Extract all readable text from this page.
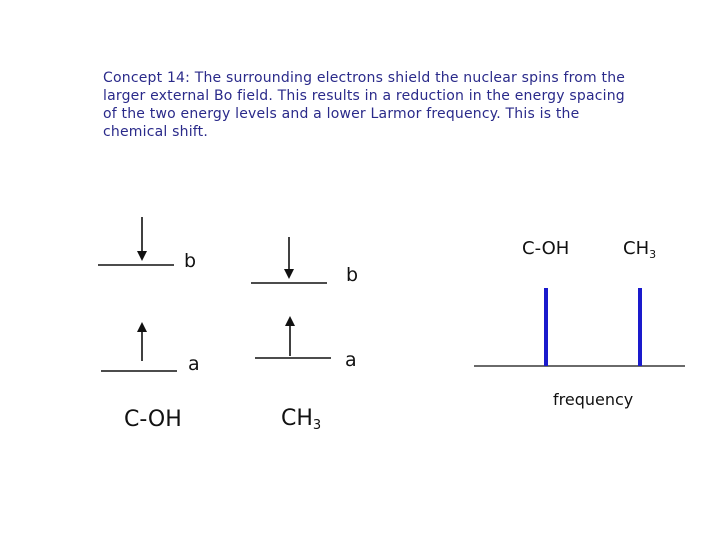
Concept 14: The surrounding electrons shield the nuclear spins from the
larger external Bo field. This results in a reduction in the energy spacing
of the two energy levels and a lower Larmor frequency. This is the
chemical shift.
b
a
C-OH
b
a
$CH_3$
C-OH	$CH_3$
frequency
